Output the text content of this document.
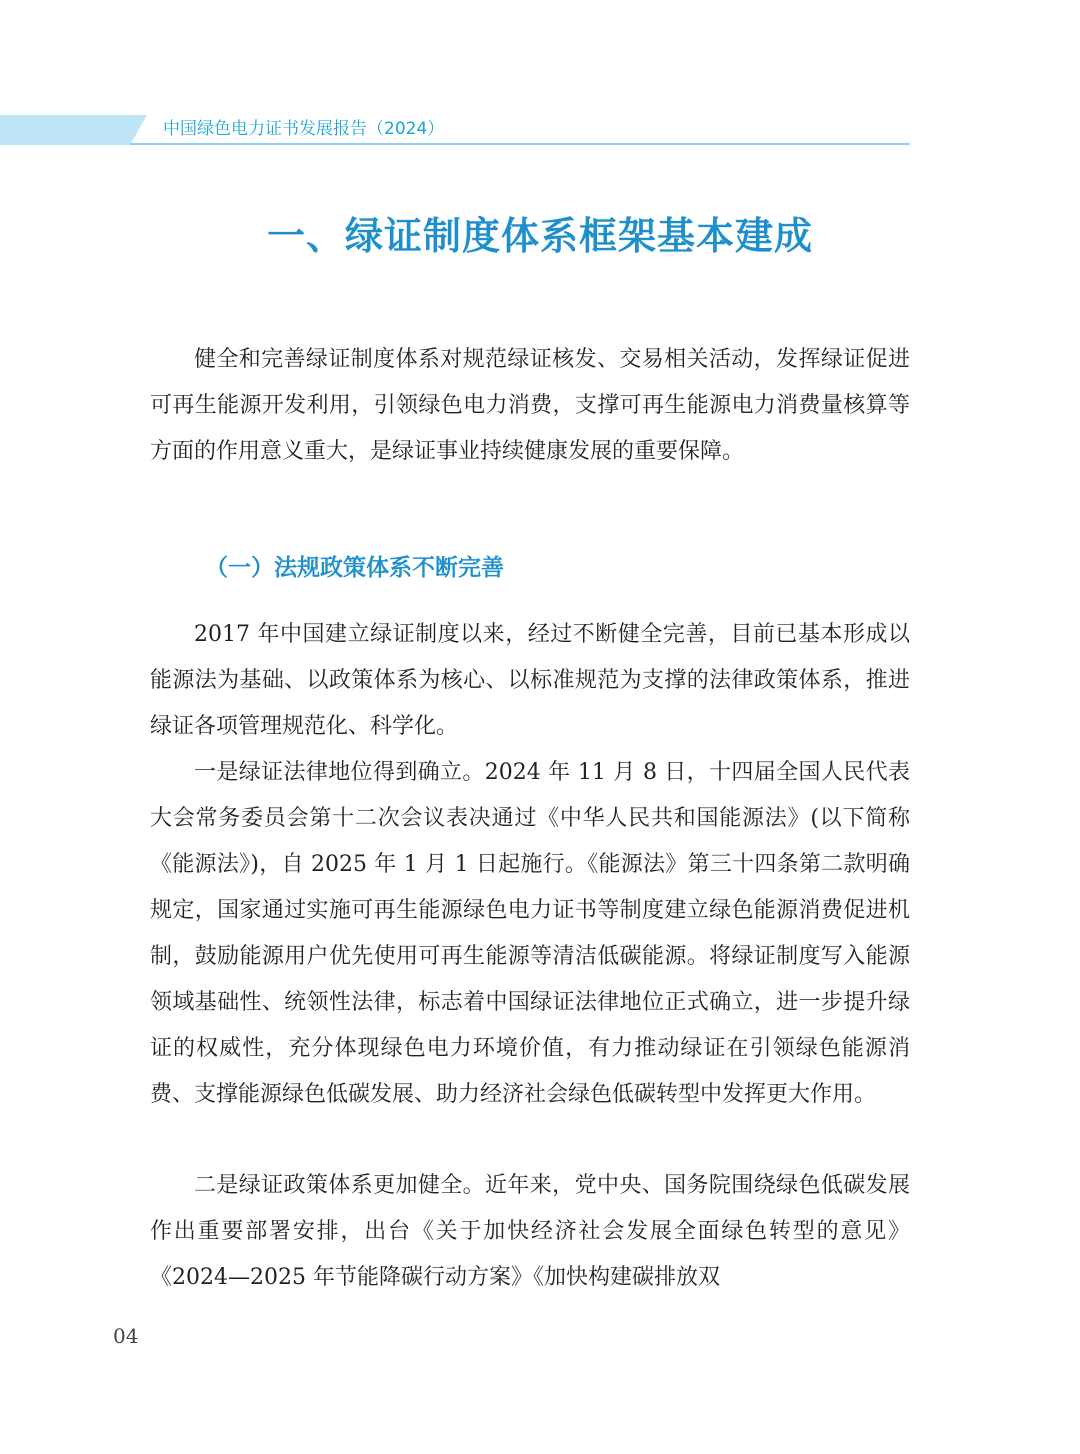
中国绿色电力证书发展报告（2024）
一、绿证制度体系框架基本建成

健全和完善绿证制度体系对规范绿证核发、交易相关活动，发挥绿证促进可再生能源开发利用，引领绿色电力消费，支撑可再生能源电力消费量核算等方面的作用意义重大，是绿证事业持续健康发展的重要保障。

（一）法规政策体系不断完善

2017 年中国建立绿证制度以来，经过不断健全完善，目前已基本形成以能源法为基础、以政策体系为核心、以标准规范为支撑的法律政策体系，推进绿证各项管理规范化、科学化。

一是绿证法律地位得到确立。2024 年 11 月 8 日，十四届全国人民代表大会常务委员会第十二次会议表决通过《中华人民共和国能源法》(以下简称《能源法》)，自 2025 年 1 月 1 日起施行。《能源法》第三十四条第二款明确规定，国家通过实施可再生能源绿色电力证书等制度建立绿色能源消费促进机制，鼓励能源用户优先使用可再生能源等清洁低碳能源。将绿证制度写入能源领域基础性、统领性法律，标志着中国绿证法律地位正式确立，进一步提升绿证的权威性，充分体现绿色电力环境价值，有力推动绿证在引领绿色能源消费、支撑能源绿色低碳发展、助力经济社会绿色低碳转型中发挥更大作用。

二是绿证政策体系更加健全。近年来，党中央、国务院围绕绿色低碳发展作出重要部署安排，出台《关于加快经济社会发展全面绿色转型的意见》《2024—2025 年节能降碳行动方案》《加快构建碳排放双

04
